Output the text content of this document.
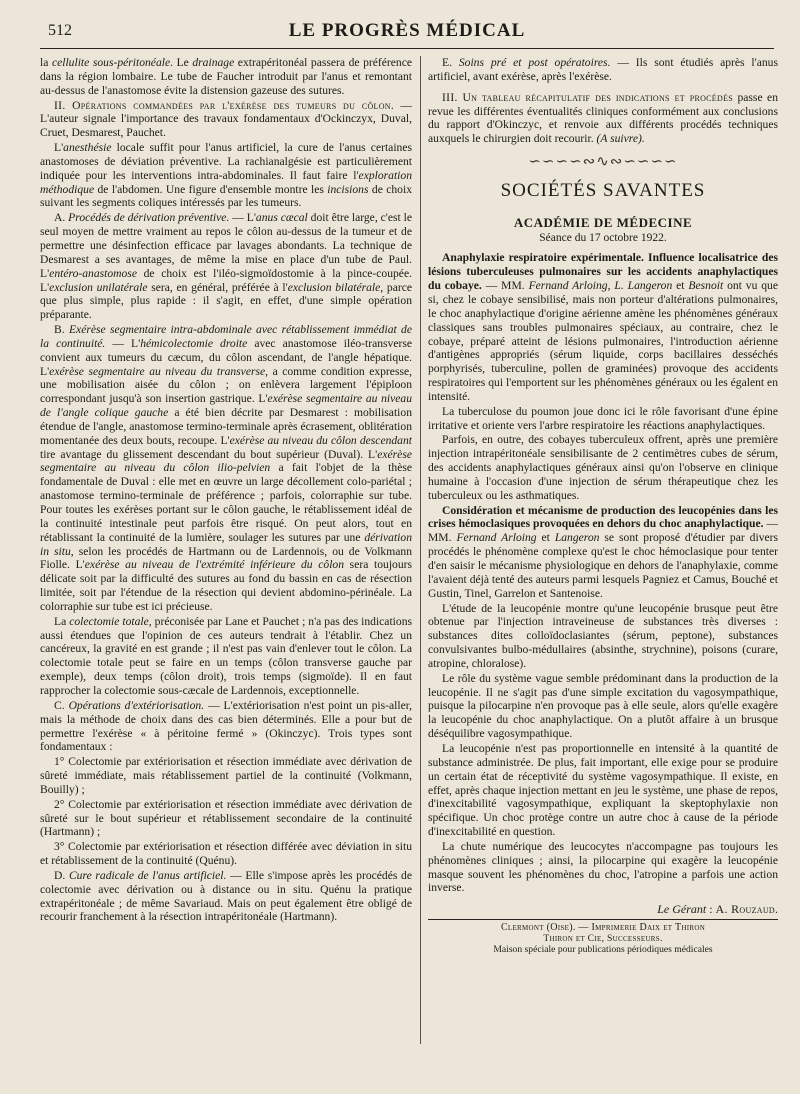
512	LE PROGRÈS MÉDICAL

la cellulite sous-péritonéale. Le drainage extrapéritonéal passera de préférence dans la région lombaire. Le tube de Faucher introduit par l'anus et remontant au-dessus de l'anastomose évite la distension gazeuse des sutures.

II. Opérations commandées par l'exérèse des tumeurs du côlon. — L'auteur signale l'importance des travaux fondamentaux d'Ockinczyx, Duval, Cruet, Desmarest, Pauchet.

L'anesthésie locale suffit pour l'anus artificiel, la cure de l'anus certaines anastomoses de déviation préventive. La rachianalgésie est particulièrement indiquée pour les interventions intra-abdominales. Il faut faire l'exploration méthodique de l'abdomen. Une figure d'ensemble montre les incisions de choix suivant les segments coliques intéressés par les tumeurs.

A. Procédés de dérivation préventive. — L'anus cæcal doit être large, c'est le seul moyen de mettre vraiment au repos le côlon au-dessus de la tumeur et de permettre une désinfection efficace par lavages abondants. La technique de Desmarest a ses avantages, de même la mise en place d'un tube de Paul. L'entéro-anastomose de choix est l'iléo-sigmoïdostomie à la pince-coupée. L'exclusion unilatérale sera, en général, préférée à l'exclusion bilatérale, parce que plus simple, plus rapide : il s'agit, en effet, d'une simple opération préparante.

B. Exérèse segmentaire intra-abdominale avec rétablissement immédiat de la continuité. — L'hémicolectomie droite avec anastomose iléo-transverse convient aux tumeurs du cæcum, du côlon ascendant, de l'angle hépatique. L'exérèse segmentaire au niveau du transverse, a comme condition expresse, une mobilisation aisée du côlon ; on enlèvera largement l'épiploon correspondant jusqu'à son insertion gastrique. L'exérèse segmentaire au niveau de l'angle colique gauche a été bien décrite par Desmarest : mobilisation étendue de l'angle, anastomose termino-terminale après écrasement, oblitération momentanée des deux bouts, recoupe. L'exérèse au niveau du côlon descendant tire avantage du glissement descendant du bout supérieur (Duval). L'exérèse segmentaire au niveau du côlon ilio-pelvien a fait l'objet de la thèse fondamentale de Duval : elle met en œuvre un large décollement colo-pariétal ; anastomose termino-terminale de préférence ; parfois, colorraphie sur tube. Pour toutes les exérèses portant sur le côlon gauche, le rétablissement idéal de la continuité intestinale peut parfois être risqué. On peut alors, tout en rétablissant la continuité de la lumière, soulager les sutures par une dérivation in situ, selon les procédés de Hartmann ou de Lardennois, ou de Volkmann Fiolle. L'exérèse au niveau de l'extrémité inférieure du côlon sera toujours délicate soit par la difficulté des sutures au fond du bassin en cas de résection limitée, soit par l'étendue de la résection qui devient abdomino-périnéale. La colorraphie sur tube est ici précieuse.

La colectomie totale, préconisée par Lane et Pauchet ; n'a pas des indications aussi étendues que l'opinion de ces auteurs tendrait à l'établir. Chez un cancéreux, la gravité en est grande ; il n'est pas vain d'enlever tout le côlon. La colectomie totale peut se faire en un temps (côlon transverse gauche par exemple), deux temps (côlon droit), trois temps (sigmoïde). Il en faut rapprocher la colectomie sous-cæcale de Lardennois, exceptionnelle.

C. Opérations d'extériorisation. — L'extériorisation n'est point un pis-aller, mais la méthode de choix dans des cas bien déterminés. Elle a pour but de permettre l'exérèse « à péritoine fermé » (Okinczyc). Trois types sont fondamentaux :

1° Colectomie par extériorisation et résection immédiate avec dérivation de sûreté immédiate, mais rétablissement partiel de la continuité (Volkmann, Bouilly) ;

2° Colectomie par extériorisation et résection immédiate avec dérivation de sûreté sur le bout supérieur et rétablissement secondaire de la continuité (Hartmann) ;

3° Colectomie par extériorisation et résection différée avec déviation in situ et rétablissement de la continuité (Quénu).

D. Cure radicale de l'anus artificiel. — Elle s'impose après les procédés de colectomie avec dérivation ou à distance ou in situ. Quénu la pratique extrapéritonéale ; de même Savariaud. Mais on peut également être obligé de recourir franchement à la résection intrapéritonéale (Hartmann).

E. Soins pré et post opératoires. — Ils sont étudiés après l'anus artificiel, avant exérèse, après l'exérèse.

III. Un tableau récapitulatif des indications et procédés passe en revue les différentes éventualités cliniques conformément aux conclusions du rapport d'Okinczyc, et renvoie aux différents procédés techniques auxquels le chirurgien doit recourir. (A suivre).

∽∽∽∽∾∿∾∽∽∽∽
SOCIÉTÉS SAVANTES
ACADÉMIE DE MÉDECINE
Séance du 17 octobre 1922.

Anaphylaxie respiratoire expérimentale. Influence localisatrice des lésions tuberculeuses pulmonaires sur les accidents anaphylactiques du cobaye. — MM. Fernand Arloing, L. Langeron et Besnoit ont vu que si, chez le cobaye sensibilisé, mais non porteur d'altérations pulmonaires, le choc anaphylactique d'origine aérienne amène les phénomènes généraux classiques sans troubles pulmonaires spéciaux, au contraire, chez le cobaye, préparé atteint de lésions pulmonaires, l'introduction aérienne d'antigènes appropriés (sérum liquide, corps bacillaires desséchés porphyrisés, tuberculine, pollen de graminées) provoque des accidents respiratoires qui l'emportent sur les phénomènes généraux ou les égalent en intensité.

La tuberculose du poumon joue donc ici le rôle favorisant d'une épine irritative et oriente vers l'arbre respiratoire les réactions anaphylactiques.

Parfois, en outre, des cobayes tuberculeux offrent, après une première injection intrapéritonéale sensibilisante de 2 centimètres cubes de sérum, des accidents anaphylactiques généraux ainsi qu'on l'observe en clinique humaine à l'occasion d'une injection de sérum thérapeutique chez les tuberculeux ou les asthmatiques.

Considération et mécanisme de production des leucopénies dans les crises hémoclasiques provoquées en dehors du choc anaphylactique. — MM. Fernand Arloing et Langeron se sont proposé d'étudier par divers procédés le phénomène complexe qu'est le choc hémoclasique pour tenter d'en saisir le mécanisme physiologique en dehors de l'anaphylaxie, comme l'avaient déjà tenté des auteurs parmi lesquels Pagniez et Camus, Bouché et Gustin, Tinel, Garrelon et Santenoise.

L'étude de la leucopénie montre qu'une leucopénie brusque peut être obtenue par l'injection intraveineuse de substances très diverses : substances dites colloïdoclasiantes (sérum, peptone), substances convulsivantes bulbo-médullaires (absinthe, strychnine), poisons (curare, atropine, chloralose).

Le rôle du système vague semble prédominant dans la production de la leucopénie. Il ne s'agit pas d'une simple excitation du vagosympathique, puisque la pilocarpine n'en provoque pas à elle seule, alors qu'elle exagère la leucopénie du choc anaphylactique. On a plutôt affaire à un brusque déséquilibre vagosympathique.

La leucopénie n'est pas proportionnelle en intensité à la quantité de substance administrée. De plus, fait important, elle exige pour se produire un certain état de réceptivité du système vagosympathique. Il existe, en effet, après chaque injection mettant en jeu le système, une phase de repos, d'inexcitabilité vagosympathique, expliquant la skeptophylaxie non spécifique. Un choc protège contre un autre choc à cause de la période d'inexcitabilité en question.

La chute numérique des leucocytes n'accompagne pas toujours les phénomènes cliniques ; ainsi, la pilocarpine qui exagère la leucopénie masque souvent les phénomènes du choc, l'atropine a parfois une action inverse.

Le Gérant : A. Rouzaud.
Clermont (Oise). — Imprimerie Daix et Thiron
Thiron et Cie, Successeurs.
Maison spéciale pour publications périodiques médicales
